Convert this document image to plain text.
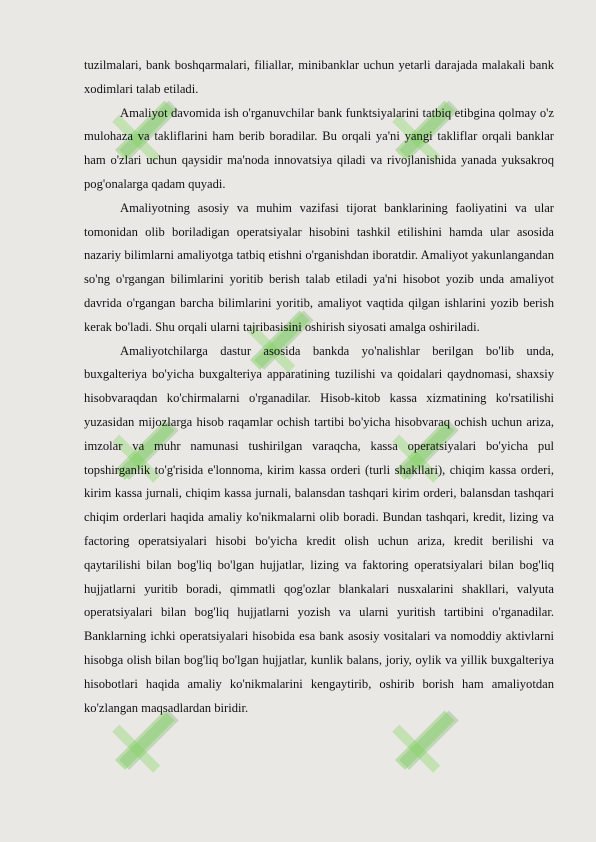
tuzilmalari, bank boshqarmalari, filiallar, minibanklar uchun yetarli darajada malakali bank xodimlari talab etiladi.

Amaliyot davomida ish o'rganuvchilar bank funktsiyalarini tatbiq etibgina qolmay o'z mulohaza va takliflarini ham berib boradilar. Bu orqali ya'ni yangi takliflar orqali banklar ham o'zlari uchun qaysidir ma'noda innovatsiya qiladi va rivojlanishida yanada yuksakroq pog'onalarga qadam quyadi.

Amaliyotning asosiy va muhim vazifasi tijorat banklarining faoliyatini va ular tomonidan olib boriladigan operatsiyalar hisobini tashkil etilishini hamda ular asosida nazariy bilimlarni amaliyotga tatbiq etishni o'rganishdan iboratdir. Amaliyot yakunlangandan so'ng o'rgangan bilimlarini yoritib berish talab etiladi ya'ni hisobot yozib unda amaliyot davrida o'rgangan barcha bilimlarini yoritib, amaliyot vaqtida qilgan ishlarini yozib berish kerak bo'ladi. Shu orqali ularni tajribasisini oshirish siyosati amalga oshiriladi.

Amaliyotchilarga dastur asosida bankda yo'nalishlar berilgan bo'lib unda, buxgalteriya bo'yicha buxgalteriya apparatining tuzilishi va qoidalari qaydnomasi, shaxsiy hisobvaraqdan ko'chirmalarni o'rganadilar. Hisob-kitob kassa xizmatining ko'rsatilishi yuzasidan mijozlarga hisob raqamlar ochish tartibi bo'yicha hisobvaraq ochish uchun ariza, imzolar va muhr namunasi tushirilgan varaqcha, kassa operatsiyalari bo'yicha pul topshirganlik to'g'risida e'lonnoma, kirim kassa orderi (turli shakllari), chiqim kassa orderi, kirim kassa jurnali, chiqim kassa jurnali, balansdan tashqari kirim orderi, balansdan tashqari chiqim orderlari haqida amaliy ko'nikmalarni olib boradi. Bundan tashqari, kredit, lizing va factoring operatsiyalari hisobi bo'yicha kredit olish uchun ariza, kredit berilishi va qaytarilishi bilan bog'liq bo'lgan hujjatlar, lizing va faktoring operatsiyalari bilan bog'liq hujjatlarni yuritib boradi, qimmatli qog'ozlar blankalari nusxalarini shakllari, valyuta operatsiyalari bilan bog'liq hujjatlarni yozish va ularni yuritish tartibini o'rganadilar. Banklarning ichki operatsiyalari hisobida esa bank asosiy vositalari va nomoddiy aktivlarni hisobga olish bilan bog'liq bo'lgan hujjatlar, kunlik balans, joriy, oylik va yillik buxgalteriya hisobotlari haqida amaliy ko'nikmalarini kengaytirib, oshirib borish ham amaliyotdan ko'zlangan maqsadlardan biridir.
